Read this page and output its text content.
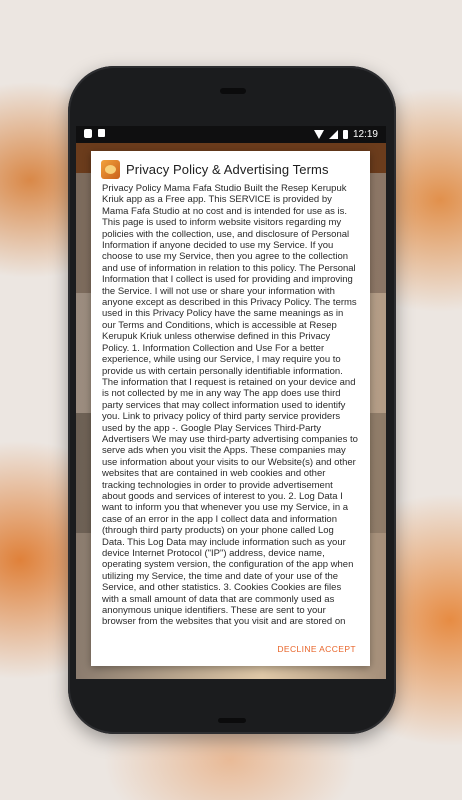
12:19
Privacy Policy & Advertising Terms
Privacy Policy Mama Fafa Studio Built the Resep Kerupuk Kriuk app as a Free app. This SERVICE is provided by Mama Fafa Studio at no cost and is intended for use as is. This page is used to inform website visitors regarding my policies with the collection, use, and disclosure of Personal Information if anyone decided to use my Service. If you choose to use my Service, then you agree to the collection and use of information in relation to this policy. The Personal Information that I collect is used for providing and improving the Service. I will not use or share your information with anyone except as described in this Privacy Policy. The terms used in this Privacy Policy have the same meanings as in our Terms and Conditions, which is accessible at Resep Kerupuk Kriuk unless otherwise defined in this Privacy Policy. 1. Information Collection and Use For a better experience, while using our Service, I may require you to provide us with certain personally identifiable information. The information that I request is retained on your device and is not collected by me in any way The app does use third party services that may collect information used to identify you. Link to privacy policy of third party service providers used by the app -. Google Play Services Third-Party Advertisers We may use third-party advertising companies to serve ads when you visit the Apps. These companies may use information about your visits to our Website(s) and other websites that are contained in web cookies and other tracking technologies in order to provide advertisement about goods and services of interest to you. 2. Log Data I want to inform you that whenever you use my Service, in a case of an error in the app I collect data and information (through third party products) on your phone called Log Data. This Log Data may include information such as your device Internet Protocol ("IP") address, device name, operating system version, the configuration of the app when utilizing my Service, the time and date of your use of the Service, and other statistics. 3. Cookies Cookies are files with a small amount of data that are commonly used as anonymous unique identifiers. These are sent to your browser from the websites that you visit and are stored on
DECLINE ACCEPT
